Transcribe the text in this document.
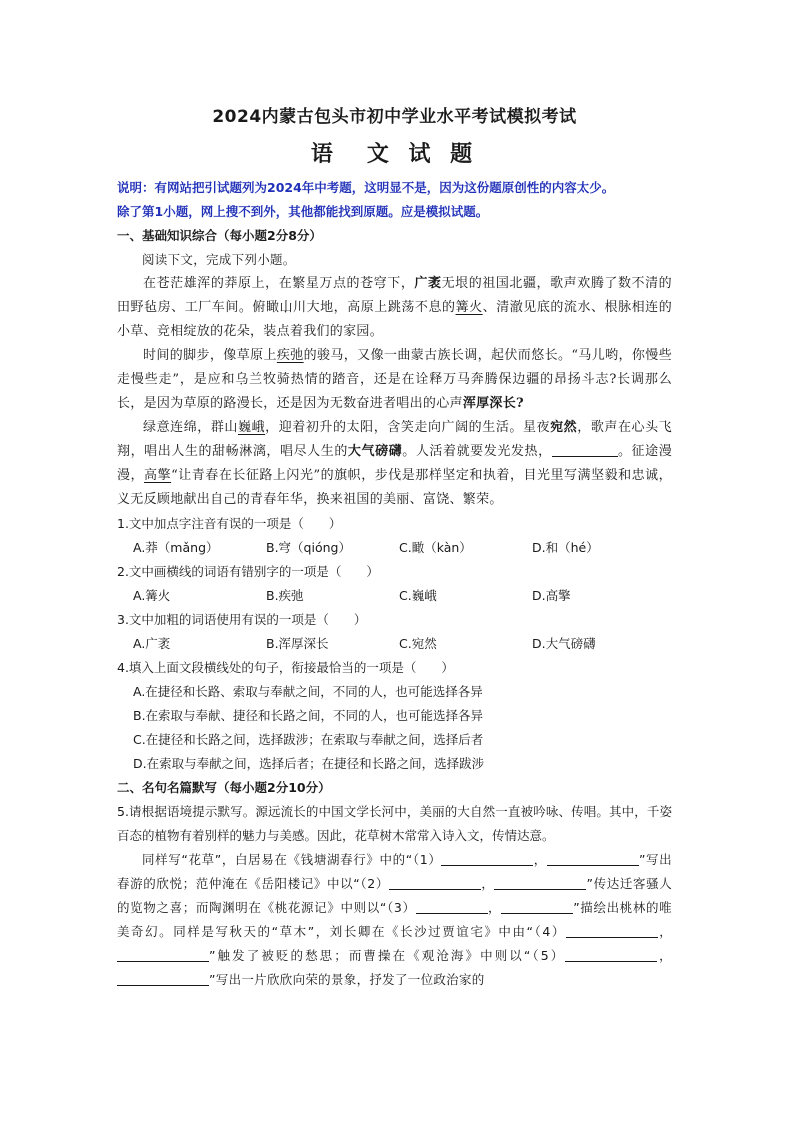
2024内蒙古包头市初中学业水平考试模拟考试
语　文 试 题

说明：有网站把引试题列为2024年中考题，这明显不是，因为这份题原创性的内容太少。

除了第1小题，网上搜不到外，其他都能找到原题。应是模拟试题。

一、基础知识综合（每小题2分8分）

阅读下文，完成下列小题。

在苍茫雄浑的莽原上，在繁星万点的苍穹下，广袤无垠的祖国北疆，歌声欢腾了数不清的田野毡房、工厂车间。俯瞰山川大地，高原上跳荡不息的篝火、清澈见底的流水、根脉相连的小草、竞相绽放的花朵，装点着我们的家园。

时间的脚步，像草原上疾弛的骏马，又像一曲蒙古族长调，起伏而悠长。“马儿哟，你慢些走慢些走”，是应和乌兰牧骑热情的踏音，还是在诠释万马奔腾保边疆的昂扬斗志?长调那么长，是因为草原的路漫长，还是因为无数奋进者唱出的心声浑厚深长?

绿意连绵，群山巍峨，迎着初升的太阳，含笑走向广阔的生活。星夜宛然，歌声在心头飞翔，唱出人生的甜畅淋漓，唱尽人生的大气磅礴。人活着就要发光发热，	。征途漫漫，高擎“让青春在长征路上闪光”的旗帜，步伐是那样坚定和执着，目光里写满坚毅和忠诚，义无反顾地献出自己的青春年华，换来祖国的美丽、富饶、繁荣。

1.文中加点字注音有误的一项是（　　）

A.莽（mǎng）	B.穹（qióng）	C.瞰（kàn）	D.和（hé）

2.文中画横线的词语有错别字的一项是（　　）

A.篝火	B.疾弛	C.巍峨	D.高擎

3.文中加粗的词语使用有误的一项是（　　）

A.广袤	B.浑厚深长	C.宛然	D.大气磅礴

4.填入上面文段横线处的句子，衔接最恰当的一项是（　　）

A.在捷径和长路、索取与奉献之间，不同的人，也可能选择各异

B.在索取与奉献、捷径和长路之间，不同的人，也可能选择各异

C.在捷径和长路之间，选择跋涉；在索取与奉献之间，选择后者

D.在索取与奉献之间，选择后者；在捷径和长路之间，选择跋涉

二、名句名篇默写（每小题2分10分）

5.请根据语境提示默写。源远流长的中国文学长河中，美丽的大自然一直被吟咏、传唱。其中，千姿百态的植物有着别样的魅力与美感。因此，花草树木常常入诗入文，传情达意。

同样写“花草”，白居易在《钱塘湖春行》中的“（1）	，	”写出春游的欣悦；范仲淹在《岳阳楼记》中以“（2）	，	”传达迁客骚人的览物之喜；而陶渊明在《桃花源记》中则以“（3）	，	”描绘出桃林的唯美奇幻。同样是写秋天的“草木”，刘长卿在《长沙过贾谊宅》中由“（4）	，”触发了被贬的愁思；而曹操在《观沧海》中则以“（5）	，”写出一片欣欣向荣的景象，抒发了一位政治家的
